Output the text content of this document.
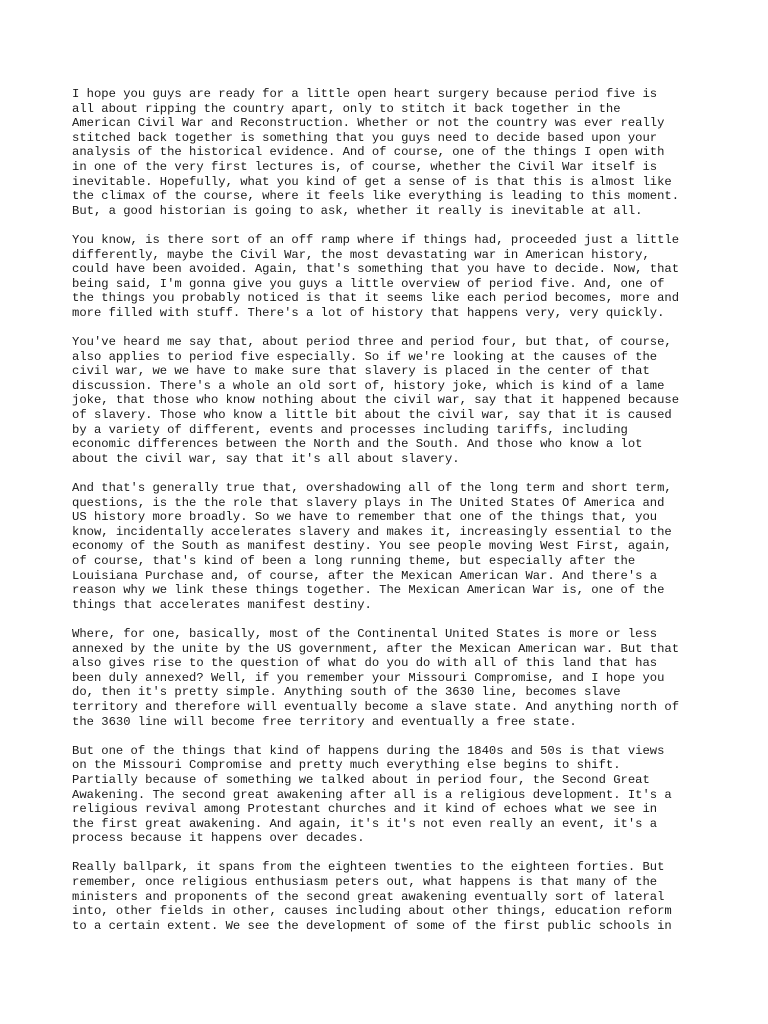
I hope you guys are ready for a little open heart surgery because period five is
all about ripping the country apart, only to stitch it back together in the
American Civil War and Reconstruction. Whether or not the country was ever really
stitched back together is something that you guys need to decide based upon your
analysis of the historical evidence. And of course, one of the things I open with
in one of the very first lectures is, of course, whether the Civil War itself is
inevitable. Hopefully, what you kind of get a sense of is that this is almost like
the climax of the course, where it feels like everything is leading to this moment.
But, a good historian is going to ask, whether it really is inevitable at all.

You know, is there sort of an off ramp where if things had, proceeded just a little
differently, maybe the Civil War, the most devastating war in American history,
could have been avoided. Again, that's something that you have to decide. Now, that
being said, I'm gonna give you guys a little overview of period five. And, one of
the things you probably noticed is that it seems like each period becomes, more and
more filled with stuff. There's a lot of history that happens very, very quickly.

You've heard me say that, about period three and period four, but that, of course,
also applies to period five especially. So if we're looking at the causes of the
civil war, we we have to make sure that slavery is placed in the center of that
discussion. There's a whole an old sort of, history joke, which is kind of a lame
joke, that those who know nothing about the civil war, say that it happened because
of slavery. Those who know a little bit about the civil war, say that it is caused
by a variety of different, events and processes including tariffs, including
economic differences between the North and the South. And those who know a lot
about the civil war, say that it's all about slavery.

And that's generally true that, overshadowing all of the long term and short term,
questions, is the the role that slavery plays in The United States Of America and
US history more broadly. So we have to remember that one of the things that, you
know, incidentally accelerates slavery and makes it, increasingly essential to the
economy of the South as manifest destiny. You see people moving West First, again,
of course, that's kind of been a long running theme, but especially after the
Louisiana Purchase and, of course, after the Mexican American War. And there's a
reason why we link these things together. The Mexican American War is, one of the
things that accelerates manifest destiny.

Where, for one, basically, most of the Continental United States is more or less
annexed by the unite by the US government, after the Mexican American war. But that
also gives rise to the question of what do you do with all of this land that has
been duly annexed? Well, if you remember your Missouri Compromise, and I hope you
do, then it's pretty simple. Anything south of the 3630 line, becomes slave
territory and therefore will eventually become a slave state. And anything north of
the 3630 line will become free territory and eventually a free state.

But one of the things that kind of happens during the 1840s and 50s is that views
on the Missouri Compromise and pretty much everything else begins to shift.
Partially because of something we talked about in period four, the Second Great
Awakening. The second great awakening after all is a religious development. It's a
religious revival among Protestant churches and it kind of echoes what we see in
the first great awakening. And again, it's it's not even really an event, it's a
process because it happens over decades.

Really ballpark, it spans from the eighteen twenties to the eighteen forties. But
remember, once religious enthusiasm peters out, what happens is that many of the
ministers and proponents of the second great awakening eventually sort of lateral
into, other fields in other, causes including about other things, education reform
to a certain extent. We see the development of some of the first public schools in
